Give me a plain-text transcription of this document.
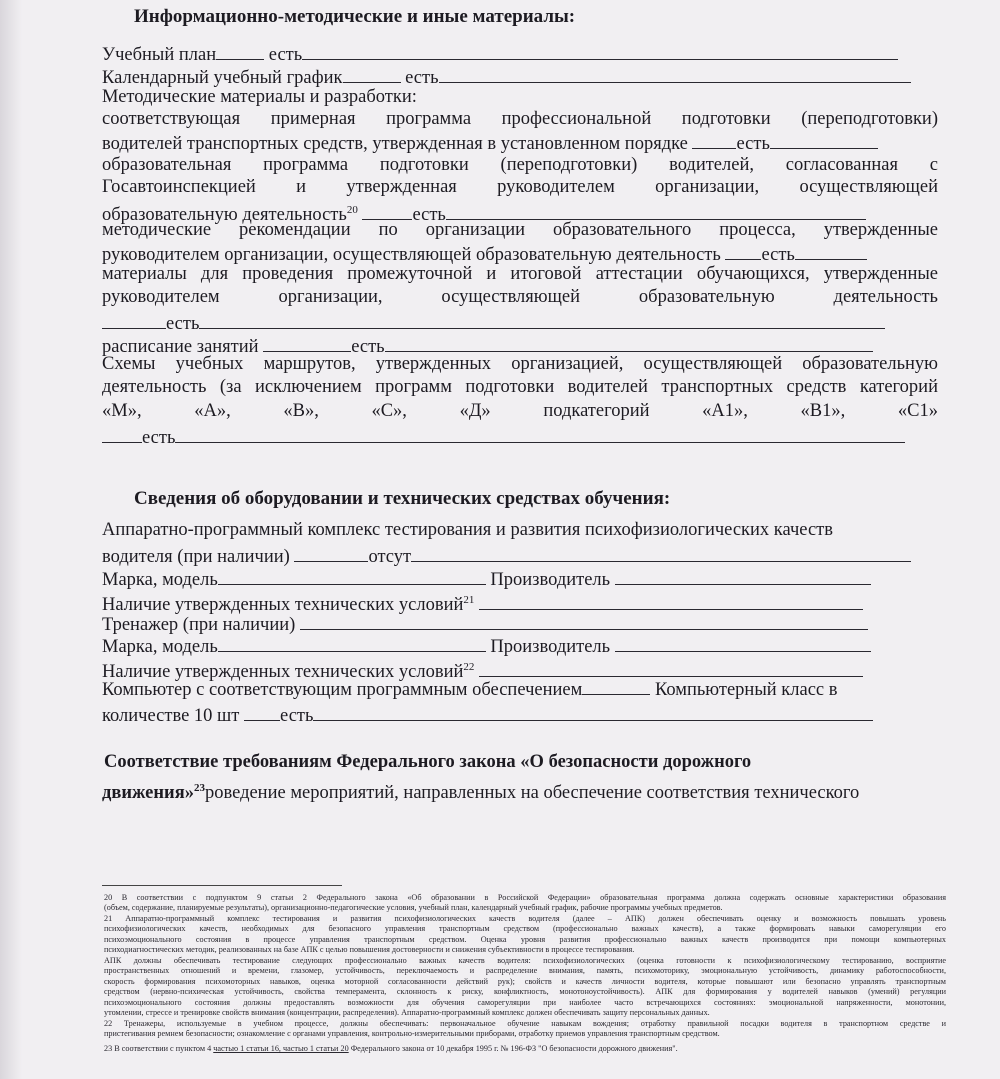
Информационно-методические и иные материалы:
Учебный план	есть
Календарный учебный график	есть
Методические материалы и разработки:
соответствующая примерная программа профессиональной подготовки (переподготовки)
водителей транспортных средств, утвержденная в установленном порядке	есть
образовательная программа подготовки (переподготовки) водителей, согласованная с
Госавтоинспекцией и утвержденная руководителем организации, осуществляющей
образовательную деятельность$^{20}$	есть
методические рекомендации по организации образовательного процесса, утвержденные
руководителем организации, осуществляющей образовательную деятельность есть
материалы для проведения промежуточной и итоговой аттестации обучающихся, утвержденные
руководителем организации, осуществляющей образовательную деятельность
есть
расписание занятий	есть
Схемы учебных маршрутов, утвержденных организацией, осуществляющей образовательную
деятельность (за исключением программ подготовки водителей транспортных средств категорий
«М», «А», «В», «С», «Д» подкатегорий «А1», «В1», «С1»
есть
Сведения об оборудовании и технических средствах обучения:
Аппаратно-программный комплекс тестирования и развития психофизиологических качеств
водителя (при наличии)	отсут
Марка, модель	Производитель
Наличие утвержденных технических условий$^{21}$
Тренажер (при наличии)
Марка, модель	Производитель
Наличие утвержденных технических условий$^{22}$
Компьютер с соответствующим программным обеспечением	Компьютерный класс в
количестве 10 шт есть
Соответствие требованиям Федерального закона «О безопасности дорожного
движения»$^{23}$роведение мероприятий, направленных на обеспечение соответствия технического
20 В соответствии с подпунктом 9 статьи 2 Федерального закона «Об образовании в Российской Федерации» образовательная программа должна содержать основные характеристики образования
(объем, содержание, планируемые результаты), организационно-педагогические условия, учебный план, календарный учебный график, рабочие программы учебных предметов.
21 Аппаратно-программный комплекс тестирования и развития психофизиологических качеств водителя (далее – АПК) должен обеспечивать оценку и возможность повышать уровень
психофизиологических качеств, необходимых для безопасного управления транспортным средством (профессионально важных качеств), а также формировать навыки саморегуляции его
психоэмоционального состояния в процессе управления транспортным средством. Оценка уровня развития профессионально важных качеств производится при помощи компьютерных
психодиагностических методик, реализованных на базе АПК с целью повышения достоверности и снижения субъективности в процессе тестирования.
АПК должны обеспечивать тестирование следующих профессионально важных качеств водителя: психофизиологических (оценка готовности к психофизиологическому тестированию, восприятие
пространственных отношений и времени, глазомер, устойчивость, переключаемость и распределение внимания, память, психомоторику, эмоциональную устойчивость, динамику работоспособности,
скорость формирования психомоторных навыков, оценка моторной согласованности действий рук); свойств и качеств личности водителя, которые повышают или безопасно управлять транспортным
средством (нервно-психическая устойчивость, свойства темперамента, склонность к риску, конфликтность, монотоноустойчивость). АПК для формирования у водителей навыков (умений) регуляции
психоэмоционального состояния должны предоставлять возможности для обучения саморегуляции при наиболее часто встречающихся состояниях: эмоциональной напряженности, монотонии,
утомлении, стрессе и тренировке свойств внимания (концентрации, распределения). Аппаратно-программный комплекс должен обеспечивать защиту персональных данных.
22 Тренажеры, используемые в учебном процессе, должны обеспечивать: первоначальное обучение навыкам вождения; отработку правильной посадки водителя в транспортном средстве и
пристегивания ремнем безопасности; ознакомление с органами управления, контрольно-измерительными приборами, отработку приемов управления транспортным средством.
23 В соответствии с пунктом 4 частью 1 статьи 16, частью 1 статьи 20 Федерального закона от 10 декабря 1995 г. № 196-ФЗ "О безопасности дорожного движения".
